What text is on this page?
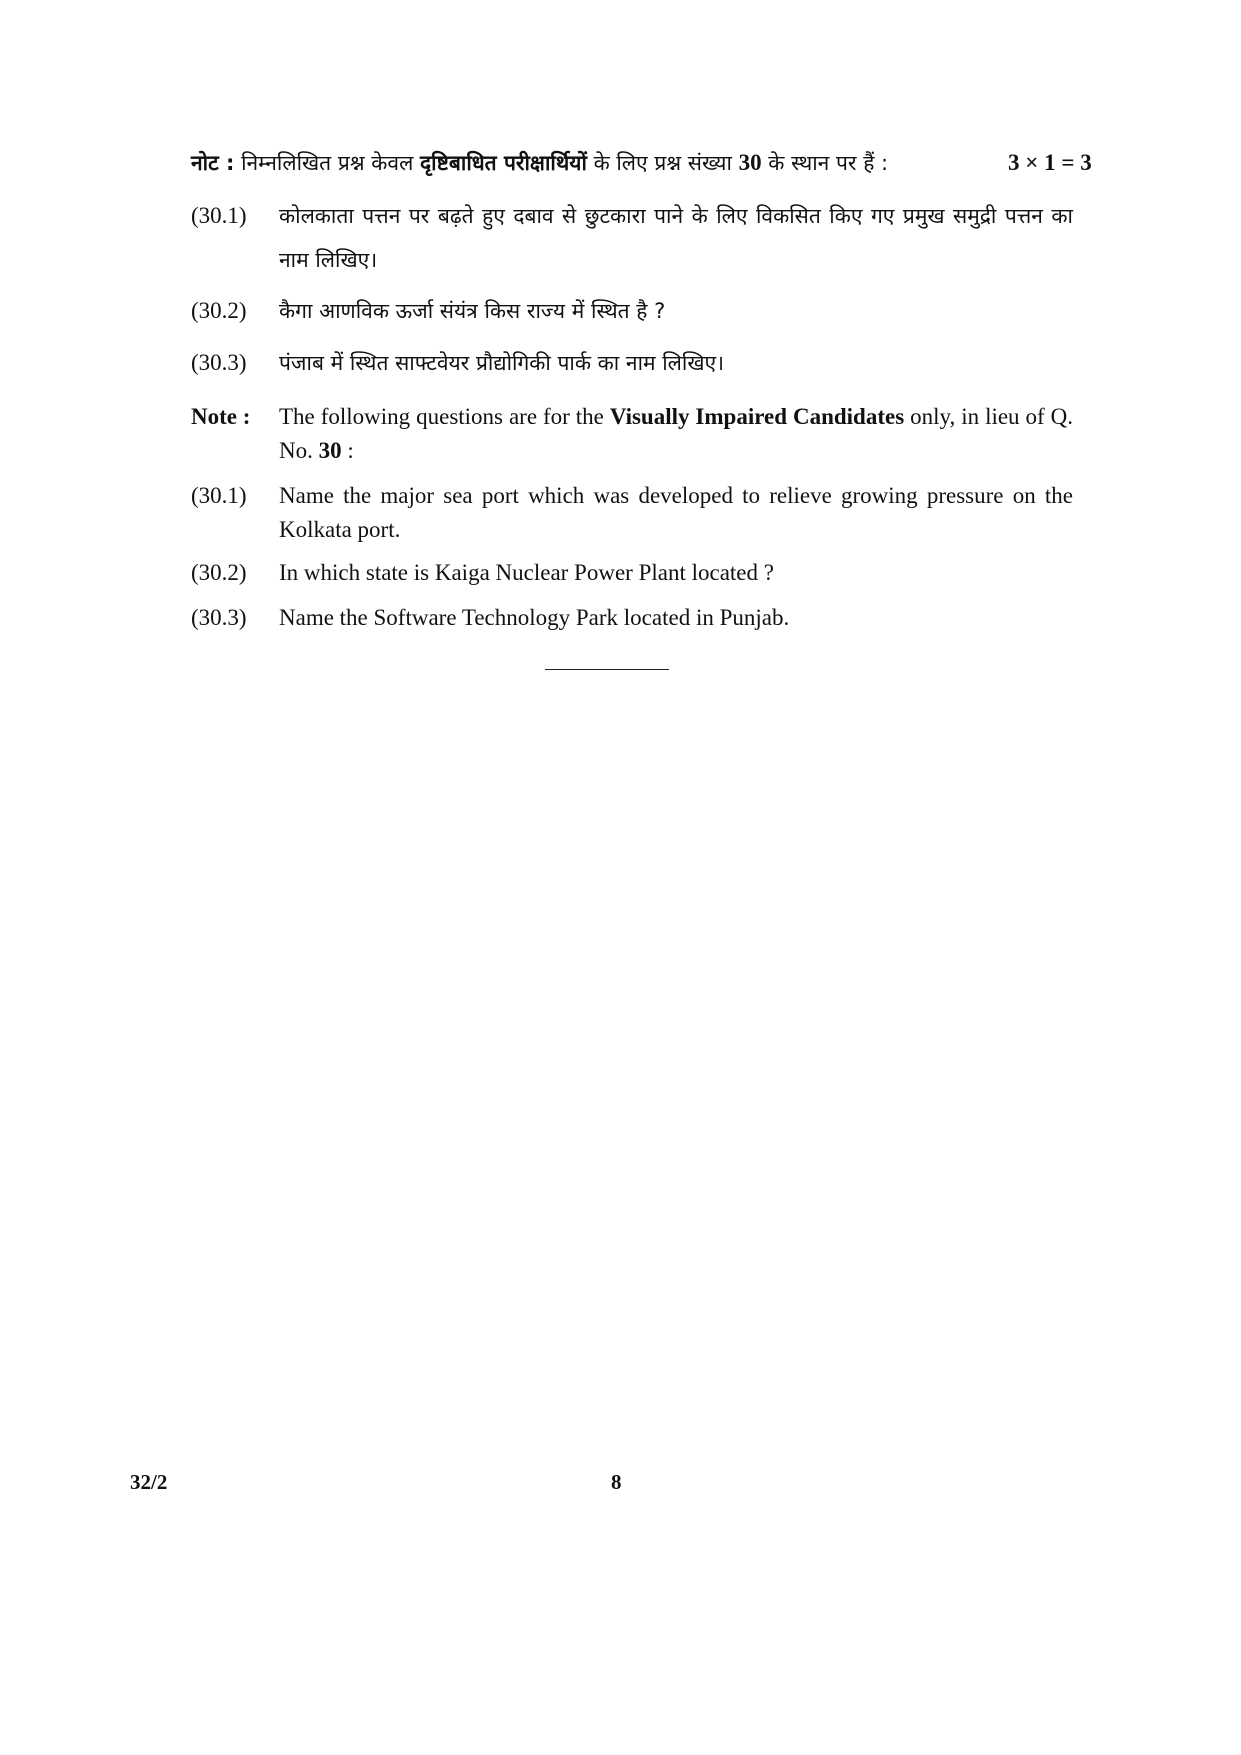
नोट : निम्नलिखित प्रश्न केवल दृष्टिबाधित परीक्षार्थियों के लिए प्रश्न संख्या 30 के स्थान पर हैं :	3 × 1 = 3
(30.1) कोलकाता पत्तन पर बढ़ते हुए दबाव से छुटकारा पाने के लिए विकसित किए गए प्रमुख समुद्री पत्तन का नाम लिखिए।
(30.2) कैगा आणविक ऊर्जा संयंत्र किस राज्य में स्थित है ?
(30.3) पंजाब में स्थित साफ्टवेयर प्रौद्योगिकी पार्क का नाम लिखिए।
Note : The following questions are for the Visually Impaired Candidates only, in lieu of Q. No. 30 :
(30.1) Name the major sea port which was developed to relieve growing pressure on the Kolkata port.
(30.2) In which state is Kaiga Nuclear Power Plant located ?
(30.3) Name the Software Technology Park located in Punjab.
32/2	8
